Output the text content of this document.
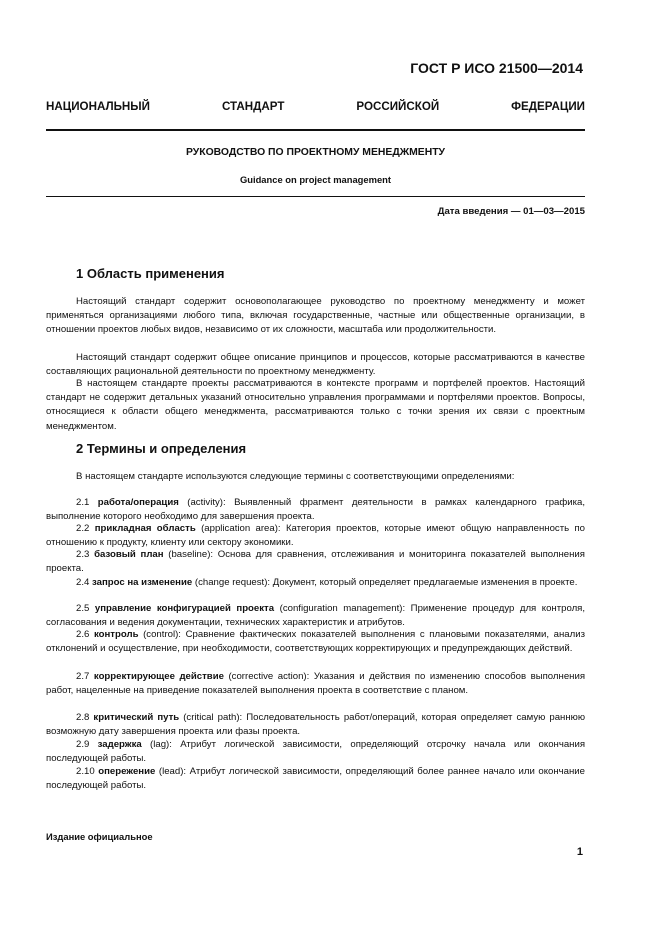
ГОСТ Р ИСО 21500—2014
НАЦИОНАЛЬНЫЙ СТАНДАРТ РОССИЙСКОЙ ФЕДЕРАЦИИ
РУКОВОДСТВО ПО ПРОЕКТНОМУ МЕНЕДЖМЕНТУ
Guidance on project management
Дата введения — 01—03—2015
1 Область применения

Настоящий стандарт содержит основополагающее руководство по проектному менеджменту и может применяться организациями любого типа, включая государственные, частные или общественные организации, в отношении проектов любых видов, независимо от их сложности, масштаба или продолжительности.

Настоящий стандарт содержит общее описание принципов и процессов, которые рассматриваются в качестве составляющих рациональной деятельности по проектному менеджменту.

В настоящем стандарте проекты рассматриваются в контексте программ и портфелей проектов. Настоящий стандарт не содержит детальных указаний относительно управления программами и портфелями проектов. Вопросы, относящиеся к области общего менеджмента, рассматриваются только с точки зрения их связи с проектным менеджментом.

2 Термины и определения

В настоящем стандарте используются следующие термины с соответствующими определениями:

2.1 работа/операция (activity): Выявленный фрагмент деятельности в рамках календарного графика, выполнение которого необходимо для завершения проекта.

2.2 прикладная область (application area): Категория проектов, которые имеют общую направленность по отношению к продукту, клиенту или сектору экономики.

2.3 базовый план (baseline): Основа для сравнения, отслеживания и мониторинга показателей выполнения проекта.

2.4 запрос на изменение (change request): Документ, который определяет предлагаемые изменения в проекте.

2.5 управление конфигурацией проекта (configuration management): Применение процедур для контроля, согласования и ведения документации, технических характеристик и атрибутов.

2.6 контроль (control): Сравнение фактических показателей выполнения с плановыми показателями, анализ отклонений и осуществление, при необходимости, соответствующих корректирующих и предупреждающих действий.

2.7 корректирующее действие (corrective action): Указания и действия по изменению способов выполнения работ, нацеленные на приведение показателей выполнения проекта в соответствие с планом.

2.8 критический путь (critical path): Последовательность работ/операций, которая определяет самую раннюю возможную дату завершения проекта или фазы проекта.

2.9 задержка (lag): Атрибут логической зависимости, определяющий отсрочку начала или окончания последующей работы.

2.10 опережение (lead): Атрибут логической зависимости, определяющий более раннее начало или окончание последующей работы.

Издание официальное
1
